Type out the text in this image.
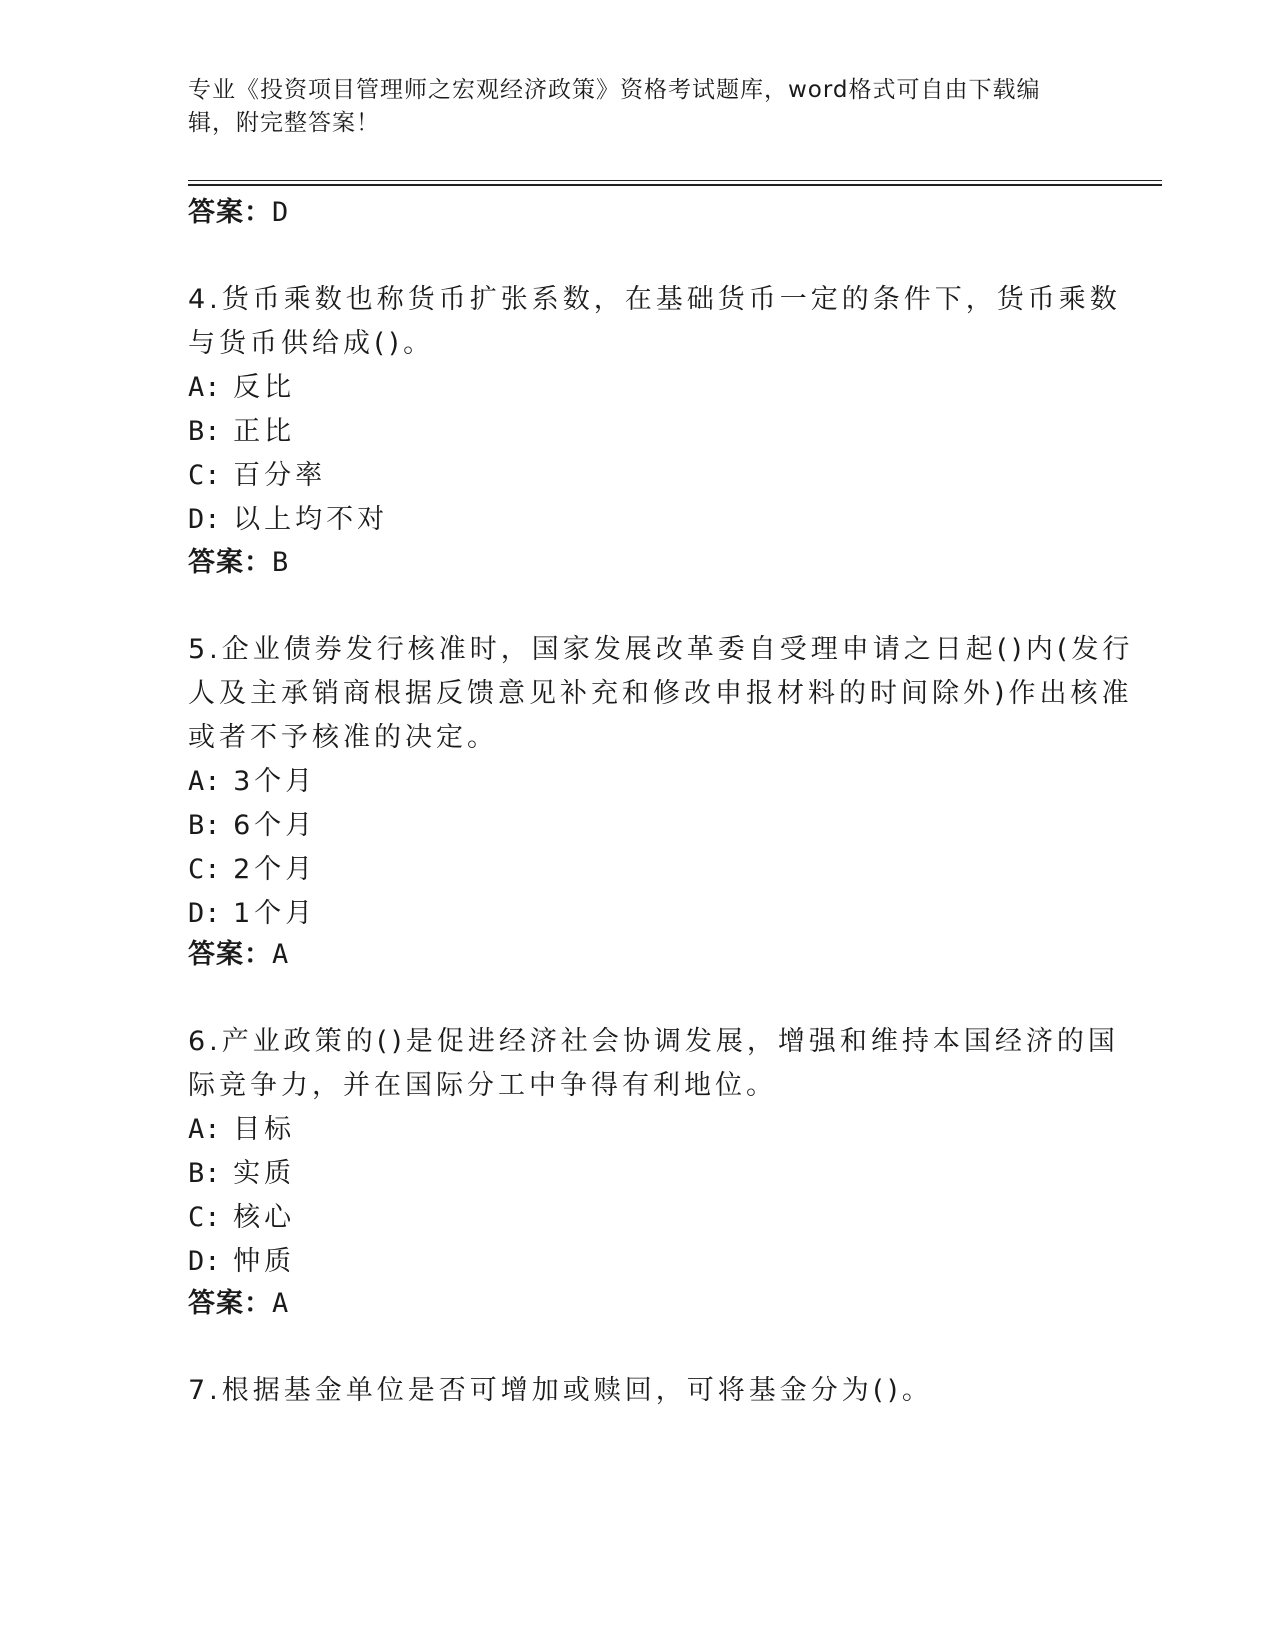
专业《投资项目管理师之宏观经济政策》资格考试题库，word格式可自由下载编
辑，附完整答案！
答案：D
4.货币乘数也称货币扩张系数，在基础货币一定的条件下，货币乘数
与货币供给成()。
A: 反比
B: 正比
C: 百分率
D: 以上均不对
答案：B
5.企业债券发行核准时，国家发展改革委自受理申请之日起()内(发行
人及主承销商根据反馈意见补充和修改申报材料的时间除外)作出核准
或者不予核准的决定。
A: 3个月
B: 6个月
C: 2个月
D: 1个月
答案：A
6.产业政策的()是促进经济社会协调发展，增强和维持本国经济的国
际竞争力，并在国际分工中争得有利地位。
A: 目标
B: 实质
C: 核心
D: 忡质
答案：A
7.根据基金单位是否可增加或赎回，可将基金分为()。
